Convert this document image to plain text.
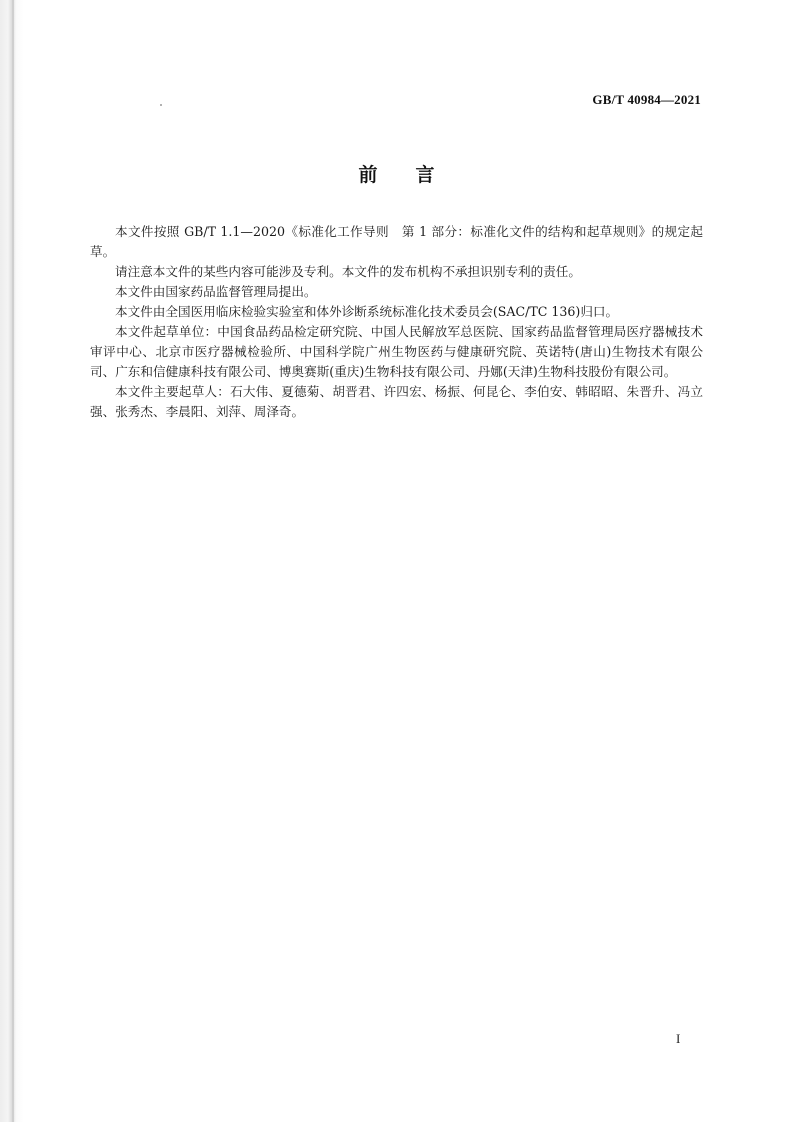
GB/T 40984—2021
前言

本文件按照 GB/T 1.1—2020《标准化工作导则　第 1 部分：标准化文件的结构和起草规则》的规定起草。

请注意本文件的某些内容可能涉及专利。本文件的发布机构不承担识别专利的责任。

本文件由国家药品监督管理局提出。

本文件由全国医用临床检验实验室和体外诊断系统标准化技术委员会(SAC/TC 136)归口。

本文件起草单位：中国食品药品检定研究院、中国人民解放军总医院、国家药品监督管理局医疗器械技术审评中心、北京市医疗器械检验所、中国科学院广州生物医药与健康研究院、英诺特(唐山)生物技术有限公司、广东和信健康科技有限公司、博奥赛斯(重庆)生物科技有限公司、丹娜(天津)生物科技股份有限公司。

本文件主要起草人：石大伟、夏德菊、胡晋君、许四宏、杨振、何昆仑、李伯安、韩昭昭、朱晋升、冯立强、张秀杰、李晨阳、刘萍、周泽奇。

I
